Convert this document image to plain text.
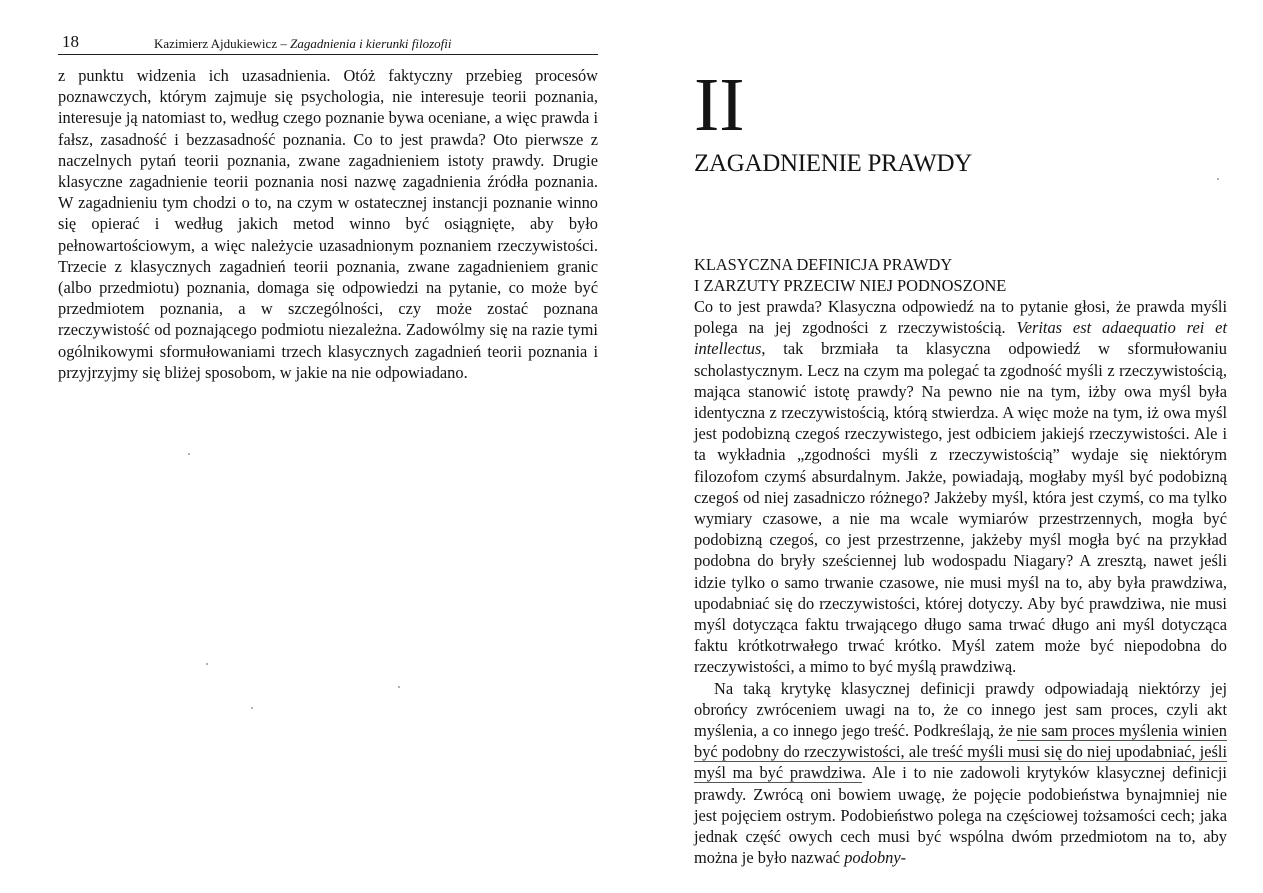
18	Kazimierz Ajdukiewicz – Zagadnienia i kierunki filozofii

z punktu widzenia ich uzasadnienia. Otóż faktyczny przebieg procesów poznawczych, którym zajmuje się psychologia, nie interesuje teorii poznania, interesuje ją natomiast to, według czego poznanie bywa oceniane, a więc prawda i fałsz, zasadność i bezzasadność poznania. Co to jest prawda? Oto pierwsze z naczelnych pytań teorii poznania, zwane zagadnieniem istoty prawdy. Drugie klasyczne zagadnienie teorii poznania nosi nazwę zagadnienia źródła poznania. W zagadnieniu tym chodzi o to, na czym w ostatecznej instancji poznanie winno się opierać i według jakich metod winno być osiągnięte, aby było pełnowartościowym, a więc należycie uzasadnionym poznaniem rzeczywistości. Trzecie z klasycznych zagadnień teorii poznania, zwane zagadnieniem granic (albo przedmiotu) poznania, domaga się odpowiedzi na pytanie, co może być przedmiotem poznania, a w szczególności, czy może zostać poznana rzeczywistość od poznającego podmiotu niezależna. Zadowólmy się na razie tymi ogólnikowymi sformułowaniami trzech klasycznych zagadnień teorii poznania i przyjrzyjmy się bliżej sposobom, w jakie na nie odpowiadano.

II
ZAGADNIENIE PRAWDY
KLASYCZNA DEFINICJA PRAWDY
I ZARZUTY PRZECIW NIEJ PODNOSZONE
Co to jest prawda? Klasyczna odpowiedź na to pytanie głosi, że prawda myśli polega na jej zgodności z rzeczywistością. Veritas est adaequatio rei et intellectus, tak brzmiała ta klasyczna odpowiedź w sformułowaniu scholastycznym. Lecz na czym ma polegać ta zgodność myśli z rzeczywistością, mająca stanowić istotę prawdy? Na pewno nie na tym, iżby owa myśl była identyczna z rzeczywistością, którą stwierdza. A więc może na tym, iż owa myśl jest podobizną czegoś rzeczywistego, jest odbiciem jakiejś rzeczywistości. Ale i ta wykładnia „zgodności myśli z rzeczywistością” wydaje się niektórym filozofom czymś absurdalnym. Jakże, powiadają, mogłaby myśl być podobizną czegoś od niej zasadniczo różnego? Jakżeby myśl, która jest czymś, co ma tylko wymiary czasowe, a nie ma wcale wymiarów przestrzennych, mogła być podobizną czegoś, co jest przestrzenne, jakżeby myśl mogła być na przykład podobna do bryły sześciennej lub wodospadu Niagary? A zresztą, nawet jeśli idzie tylko o samo trwanie czasowe, nie musi myśl na to, aby była prawdziwa, upodabniać się do rzeczywistości, której dotyczy. Aby być prawdziwa, nie musi myśl dotycząca faktu trwającego długo sama trwać długo ani myśl dotycząca faktu krótkotrwałego trwać krótko. Myśl zatem może być niepodobna do rzeczywistości, a mimo to być myślą prawdziwą.
Na taką krytykę klasycznej definicji prawdy odpowiadają niektórzy jej obrońcy zwróceniem uwagi na to, że co innego jest sam proces, czyli akt myślenia, a co innego jego treść. Podkreślają, że nie sam proces myślenia winien być podobny do rzeczywistości, ale treść myśli musi się do niej upodabniać, jeśli myśl ma być prawdziwa. Ale i to nie zadowoli krytyków klasycznej definicji prawdy. Zwrócą oni bowiem uwagę, że pojęcie podobieństwa bynajmniej nie jest pojęciem ostrym. Podobieństwo polega na częściowej tożsamości cech; jaka jednak część owych cech musi być wspólna dwóm przedmiotom na to, aby można je było nazwać podobny-
